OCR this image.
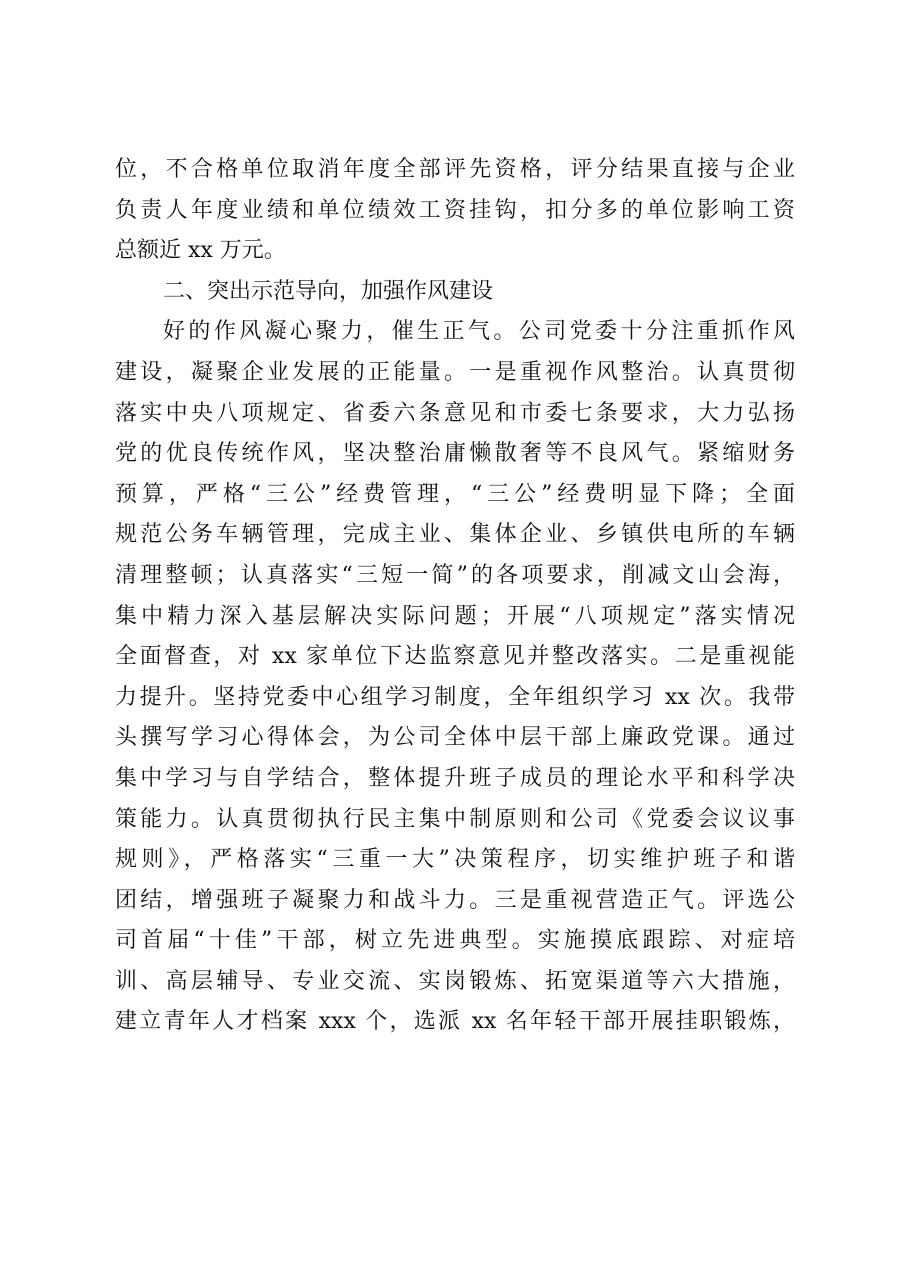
位，不合格单位取消年度全部评先资格，评分结果直接与企业
负责人年度业绩和单位绩效工资挂钩，扣分多的单位影响工资
总额近 xx 万元。
二、突出示范导向，加强作风建设
好的作风凝心聚力，催生正气。公司党委十分注重抓作风
建设，凝聚企业发展的正能量。一是重视作风整治。认真贯彻
落实中央八项规定、省委六条意见和市委七条要求，大力弘扬
党的优良传统作风，坚决整治庸懒散奢等不良风气。紧缩财务
预算，严格“三公”经费管理，“三公”经费明显下降；全面
规范公务车辆管理，完成主业、集体企业、乡镇供电所的车辆
清理整顿；认真落实“三短一简”的各项要求，削减文山会海，
集中精力深入基层解决实际问题；开展“八项规定”落实情况
全面督查，对 xx 家单位下达监察意见并整改落实。二是重视能
力提升。坚持党委中心组学习制度，全年组织学习 xx 次。我带
头撰写学习心得体会，为公司全体中层干部上廉政党课。通过
集中学习与自学结合，整体提升班子成员的理论水平和科学决
策能力。认真贯彻执行民主集中制原则和公司《党委会议议事
规则》，严格落实“三重一大”决策程序，切实维护班子和谐
团结，增强班子凝聚力和战斗力。三是重视营造正气。评选公
司首届“十佳”干部，树立先进典型。实施摸底跟踪、对症培
训、高层辅导、专业交流、实岗锻炼、拓宽渠道等六大措施，
建立青年人才档案 xxx 个，选派 xx 名年轻干部开展挂职锻炼，
